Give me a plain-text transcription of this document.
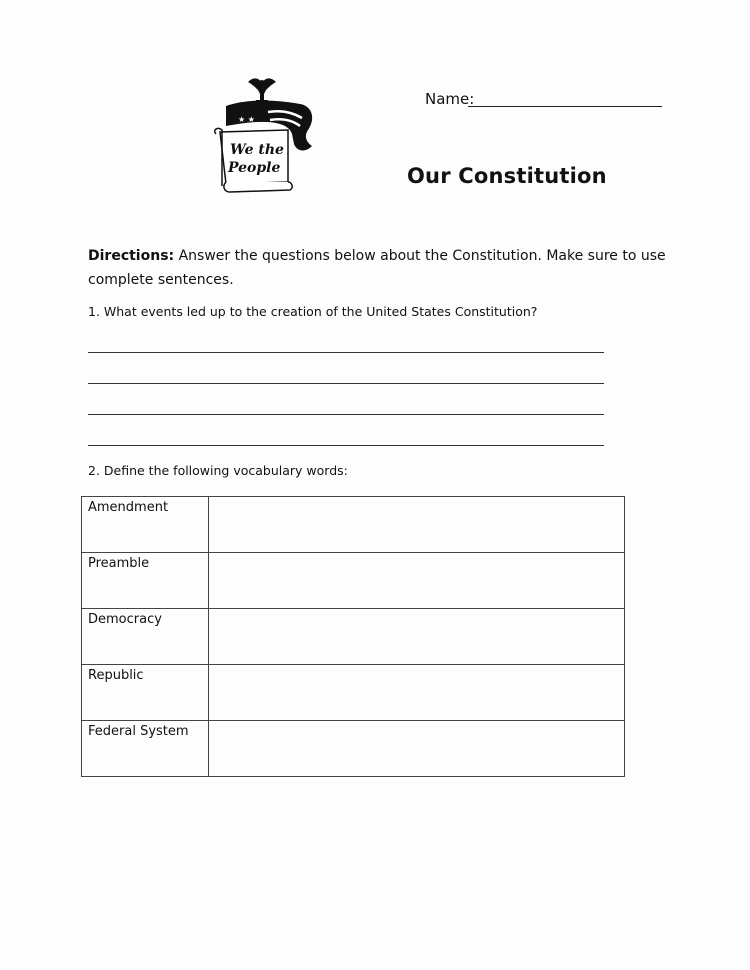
★ ★
We the
People
Name:
Our Constitution
Directions: Answer the questions below about the Constitution. Make sure to use complete sentences.
1. What events led up to the creation of the United States Constitution?
2. Define the following vocabulary words:
Amendment	
Preamble	
Democracy	
Republic	
Federal System	
